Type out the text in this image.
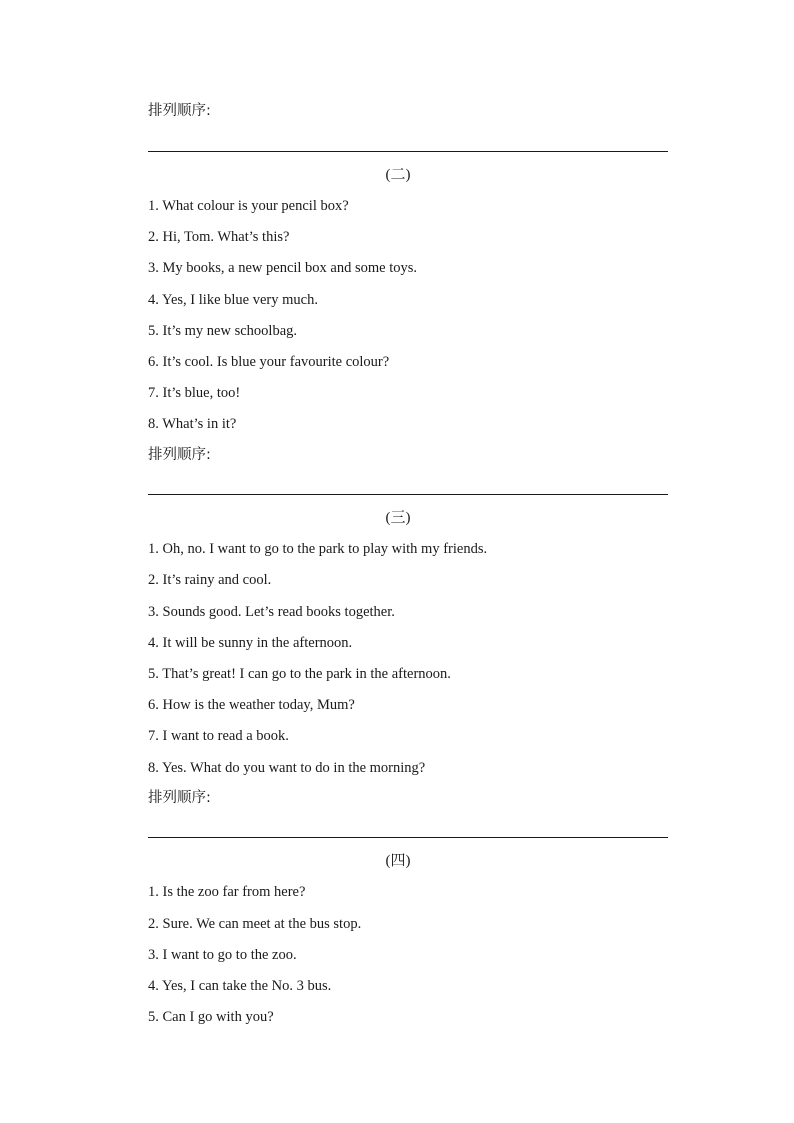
排列顺序:
(二)
1. What colour is your pencil box?
2. Hi, Tom. What’s this?
3. My books, a new pencil box and some toys.
4. Yes, I like blue very much.
5. It’s my new schoolbag.
6. It’s cool. Is blue your favourite colour?
7. It’s blue, too!
8. What’s in it?
排列顺序:
(三)
1. Oh, no. I want to go to the park to play with my friends.
2. It’s rainy and cool.
3. Sounds good. Let’s read books together.
4. It will be sunny in the afternoon.
5. That’s great! I can go to the park in the afternoon.
6. How is the weather today, Mum?
7. I want to read a book.
8. Yes. What do you want to do in the morning?
排列顺序:
(四)
1. Is the zoo far from here?
2. Sure. We can meet at the bus stop.
3. I want to go to the zoo.
4. Yes, I can take the No. 3 bus.
5. Can I go with you?
